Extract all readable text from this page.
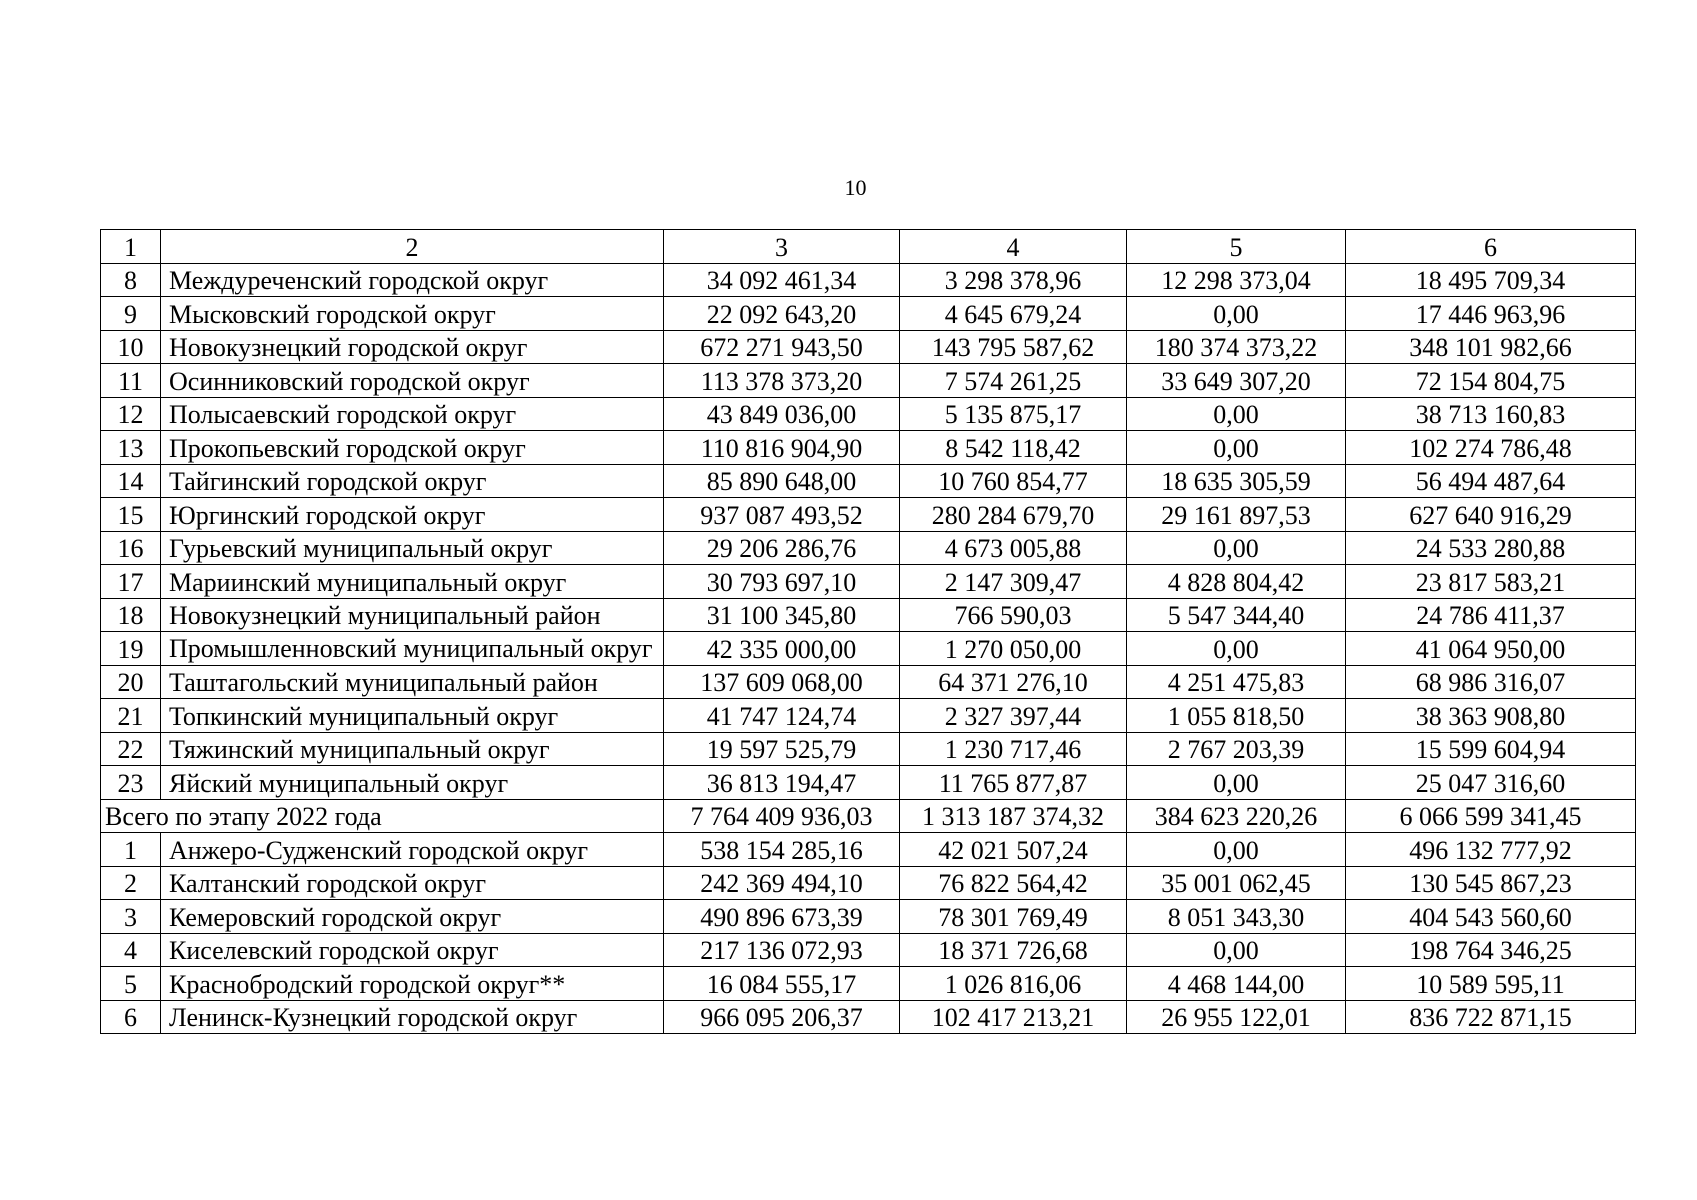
10
1	2	3	4	5	6
8	Междуреченский городской округ	34 092 461,34	3 298 378,96	12 298 373,04	18 495 709,34
9	Мысковский городской округ	22 092 643,20	4 645 679,24	0,00	17 446 963,96
10	Новокузнецкий городской округ	672 271 943,50	143 795 587,62	180 374 373,22	348 101 982,66
11	Осинниковский городской округ	113 378 373,20	7 574 261,25	33 649 307,20	72 154 804,75
12	Полысаевский городской округ	43 849 036,00	5 135 875,17	0,00	38 713 160,83
13	Прокопьевский городской округ	110 816 904,90	8 542 118,42	0,00	102 274 786,48
14	Тайгинский городской округ	85 890 648,00	10 760 854,77	18 635 305,59	56 494 487,64
15	Юргинский городской округ	937 087 493,52	280 284 679,70	29 161 897,53	627 640 916,29
16	Гурьевский муниципальный округ	29 206 286,76	4 673 005,88	0,00	24 533 280,88
17	Мариинский муниципальный округ	30 793 697,10	2 147 309,47	4 828 804,42	23 817 583,21
18	Новокузнецкий муниципальный район	31 100 345,80	766 590,03	5 547 344,40	24 786 411,37
19	Промышленновский муниципальный округ	42 335 000,00	1 270 050,00	0,00	41 064 950,00
20	Таштагольский муниципальный район	137 609 068,00	64 371 276,10	4 251 475,83	68 986 316,07
21	Топкинский муниципальный округ	41 747 124,74	2 327 397,44	1 055 818,50	38 363 908,80
22	Тяжинский муниципальный округ	19 597 525,79	1 230 717,46	2 767 203,39	15 599 604,94
23	Яйский муниципальный округ	36 813 194,47	11 765 877,87	0,00	25 047 316,60
Всего по этапу 2022 года		7 764 409 936,03	1 313 187 374,32	384 623 220,26	6 066 599 341,45
1	Анжеро-Судженский городской округ	538 154 285,16	42 021 507,24	0,00	496 132 777,92
2	Калтанский городской округ	242 369 494,10	76 822 564,42	35 001 062,45	130 545 867,23
3	Кемеровский городской округ	490 896 673,39	78 301 769,49	8 051 343,30	404 543 560,60
4	Киселевский городской округ	217 136 072,93	18 371 726,68	0,00	198 764 346,25
5	Краснобродский городской округ**	16 084 555,17	1 026 816,06	4 468 144,00	10 589 595,11
6	Ленинск-Кузнецкий городской округ	966 095 206,37	102 417 213,21	26 955 122,01	836 722 871,15
